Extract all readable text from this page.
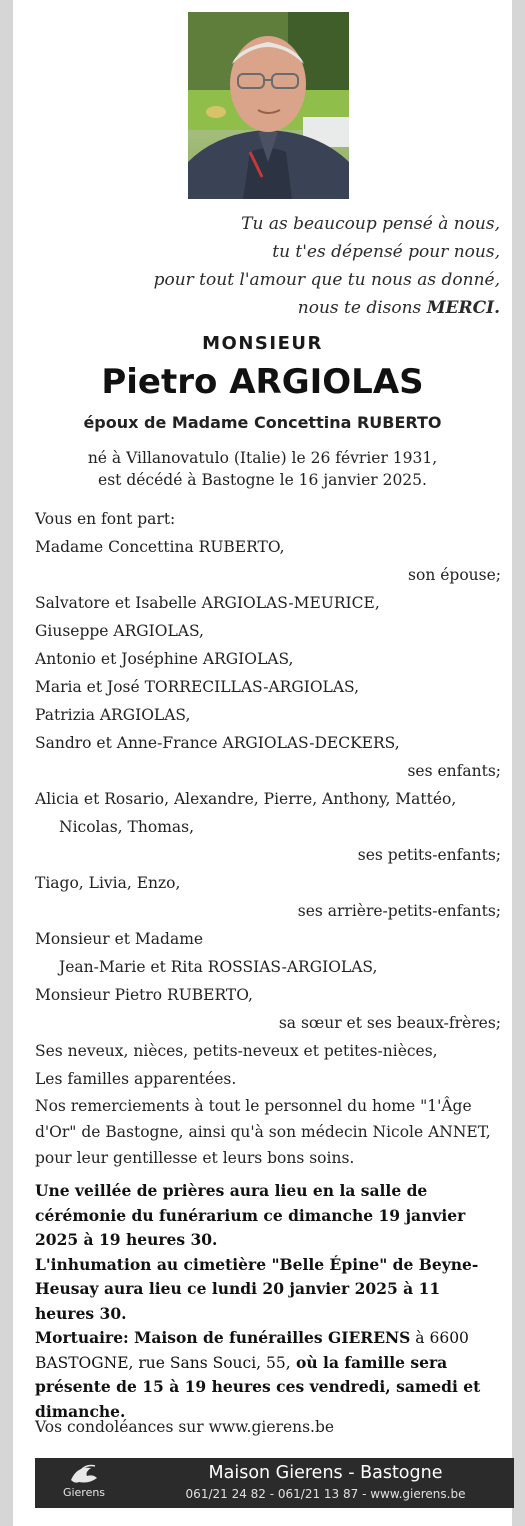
Tu as beaucoup pensé à nous,
tu t'es dépensé pour nous,
pour tout l'amour que tu nous as donné,
nous te disons MERCI.
MONSIEUR
Pietro ARGIOLAS
époux de Madame Concettina RUBERTO
né à Villanovatulo (Italie) le 26 février 1931,
est décédé à Bastogne le 16 janvier 2025.
Vous en font part:
Madame Concettina RUBERTO,
son épouse;
Salvatore et Isabelle ARGIOLAS-MEURICE,
Giuseppe ARGIOLAS,
Antonio et Joséphine ARGIOLAS,
Maria et José TORRECILLAS-ARGIOLAS,
Patrizia ARGIOLAS,
Sandro et Anne-France ARGIOLAS-DECKERS,
ses enfants;
Alicia et Rosario, Alexandre, Pierre, Anthony, Mattéo,
Nicolas, Thomas,
ses petits-enfants;
Tiago, Livia, Enzo,
ses arrière-petits-enfants;
Monsieur et Madame
Jean-Marie et Rita ROSSIAS-ARGIOLAS,
Monsieur Pietro RUBERTO,
sa sœur et ses beaux-frères;
Ses neveux, nièces, petits-neveux et petites-nièces,
Les familles apparentées.
Nos remerciements à tout le personnel du home "1'Âge d'Or" de Bastogne, ainsi qu'à son médecin Nicole ANNET, pour leur gentillesse et leurs bons soins.
Une veillée de prières aura lieu en la salle de cérémonie du funérarium ce dimanche 19 janvier 2025 à 19 heures 30.
L'inhumation au cimetière "Belle Épine" de Beyne-Heusay aura lieu ce lundi 20 janvier 2025 à 11 heures 30.
Mortuaire: Maison de funérailles GIERENS à 6600 BASTOGNE, rue Sans Souci, 55, où la famille sera présente de 15 à 19 heures ces vendredi, samedi et dimanche.
Vos condoléances sur www.gierens.be
Gierens
Maison Gierens - Bastogne
061/21 24 82 - 061/21 13 87 - www.gierens.be
